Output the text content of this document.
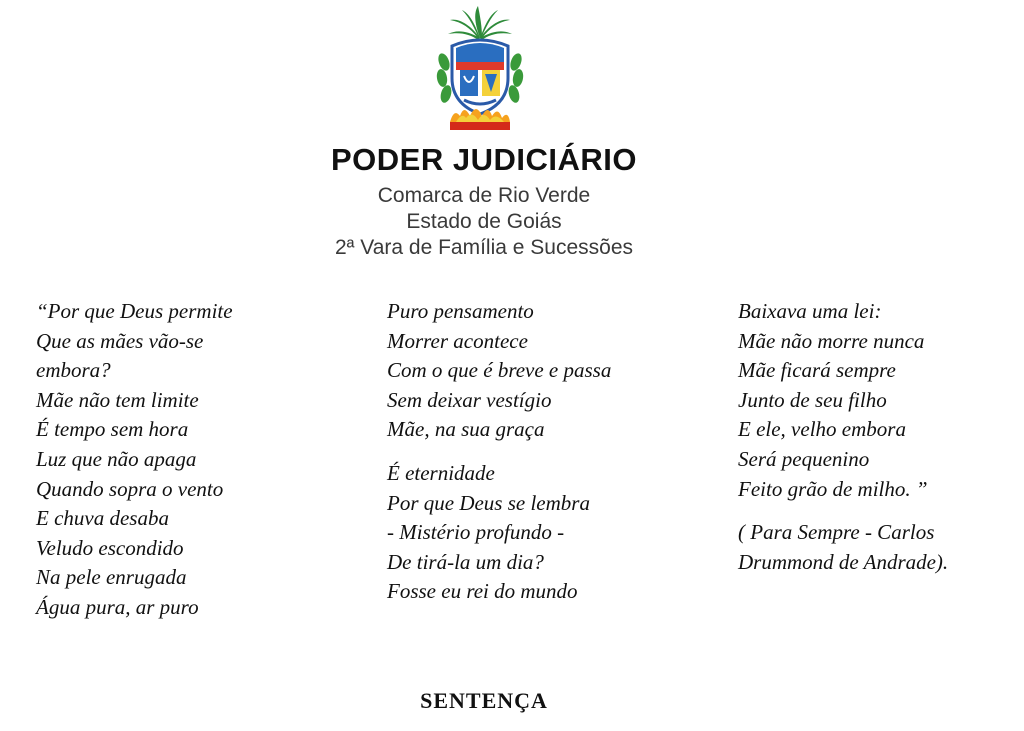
PODER JUDICIÁRIO
Comarca de Rio Verde
Estado de Goiás
2ª Vara de Família e Sucessões
“Por que Deus permite
Que as mães vão-se
embora?
Mãe não tem limite
É tempo sem hora
Luz que não apaga
Quando sopra o vento
E chuva desaba
Veludo escondido
Na pele enrugada
Água pura, ar puro
Puro pensamento
Morrer acontece
Com o que é breve e passa
Sem deixar vestígio
Mãe, na sua graça
É eternidade
Por que Deus se lembra
- Mistério profundo -
De tirá-la um dia?
Fosse eu rei do mundo
Baixava uma lei:
Mãe não morre nunca
Mãe ficará sempre
Junto de seu filho
E ele, velho embora
Será pequenino
Feito grão de milho. ”
( Para Sempre - Carlos
Drummond de Andrade).
SENTENÇA
